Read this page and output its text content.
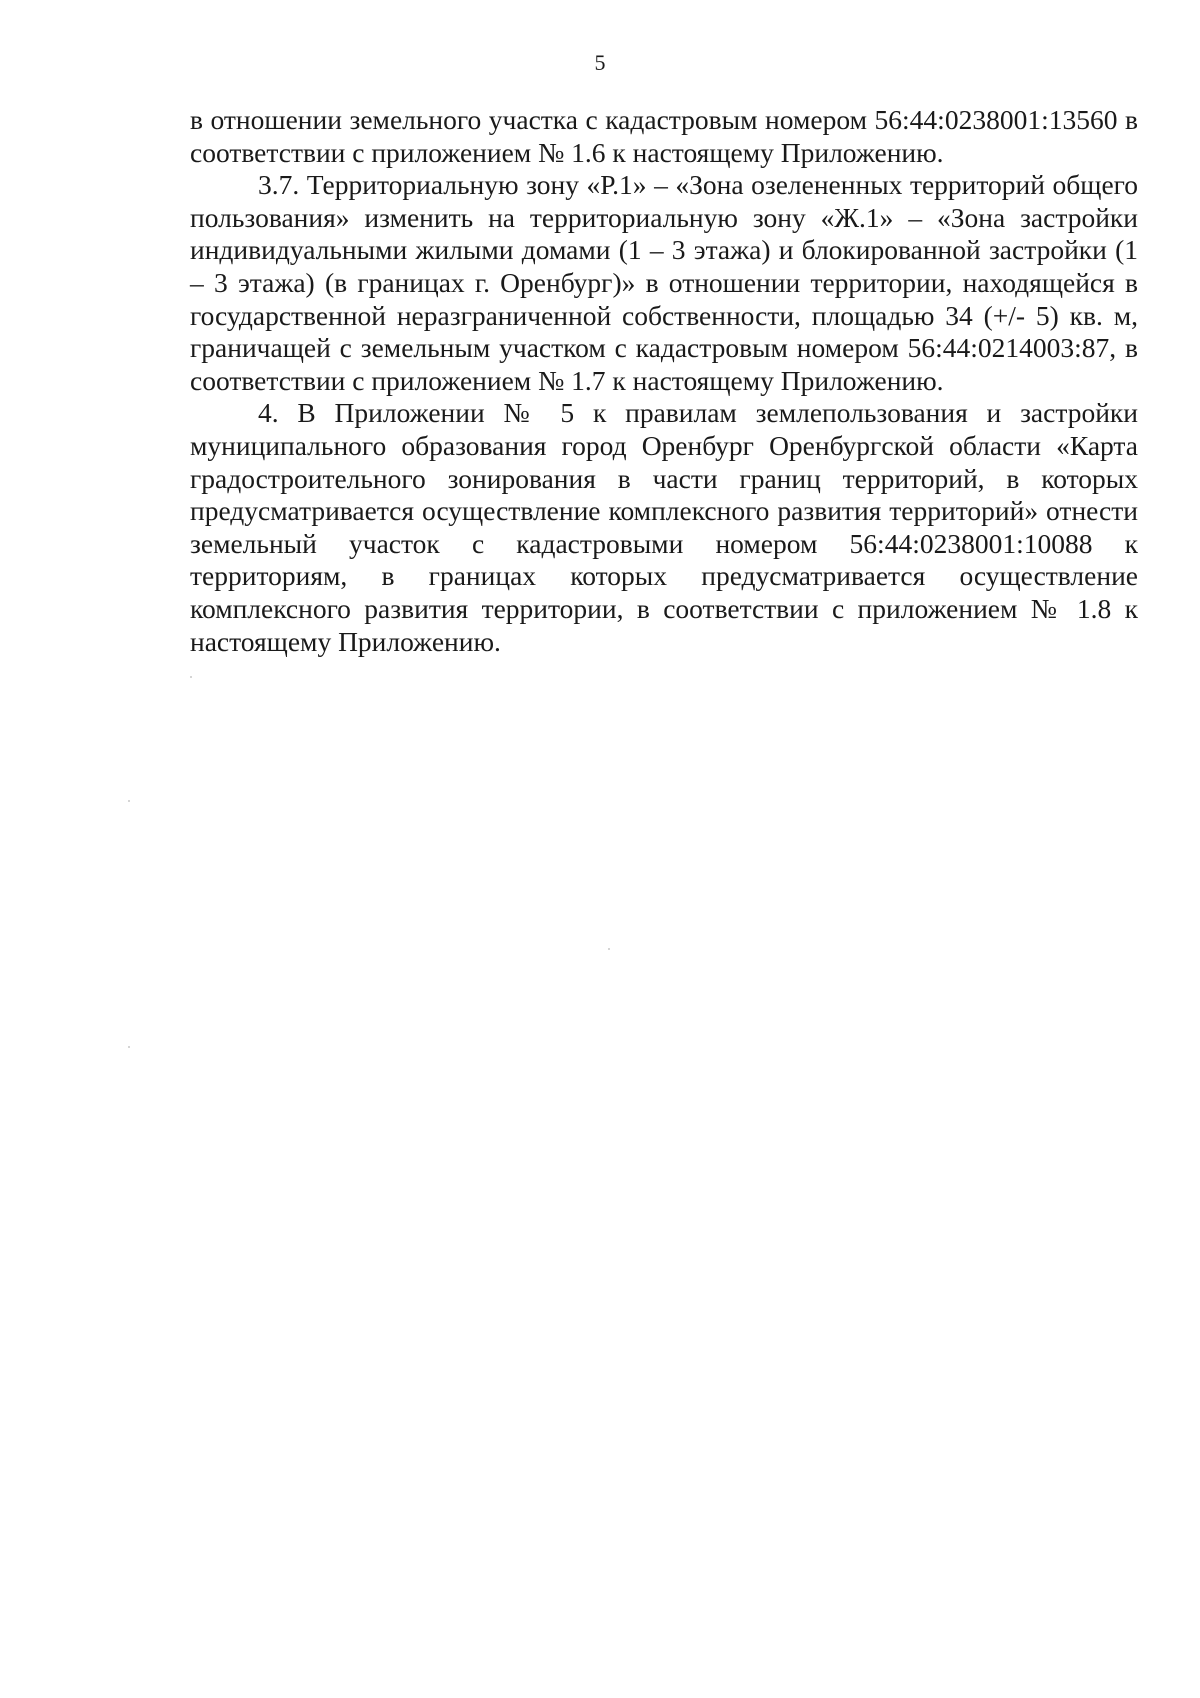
5

в отношении земельного участка с кадастровым номером 56:44:0238001:13560 в соответствии с приложением № 1.6 к настоящему Приложению.

3.7. Территориальную зону «Р.1» – «Зона озелененных территорий общего пользования» изменить на территориальную зону «Ж.1» – «Зона застройки индивидуальными жилыми домами (1 – 3 этажа) и блокированной застройки (1 – 3 этажа) (в границах г. Оренбург)» в отношении территории, находящейся в государственной неразграниченной собственности, площадью 34 (+/- 5) кв. м, граничащей с земельным участком с кадастровым номером 56:44:0214003:87, в соответствии с приложением № 1.7 к настоящему Приложению.

4. В Приложении № 5 к правилам землепользования и застройки муниципального образования город Оренбург Оренбургской области «Карта градостроительного зонирования в части границ территорий, в которых предусматривается осуществление комплексного развития территорий» отнести земельный участок с кадастровыми номером 56:44:0238001:10088 к территориям, в границах которых предусматривается осуществление комплексного развития территории, в соответствии с приложением № 1.8 к настоящему Приложению.
